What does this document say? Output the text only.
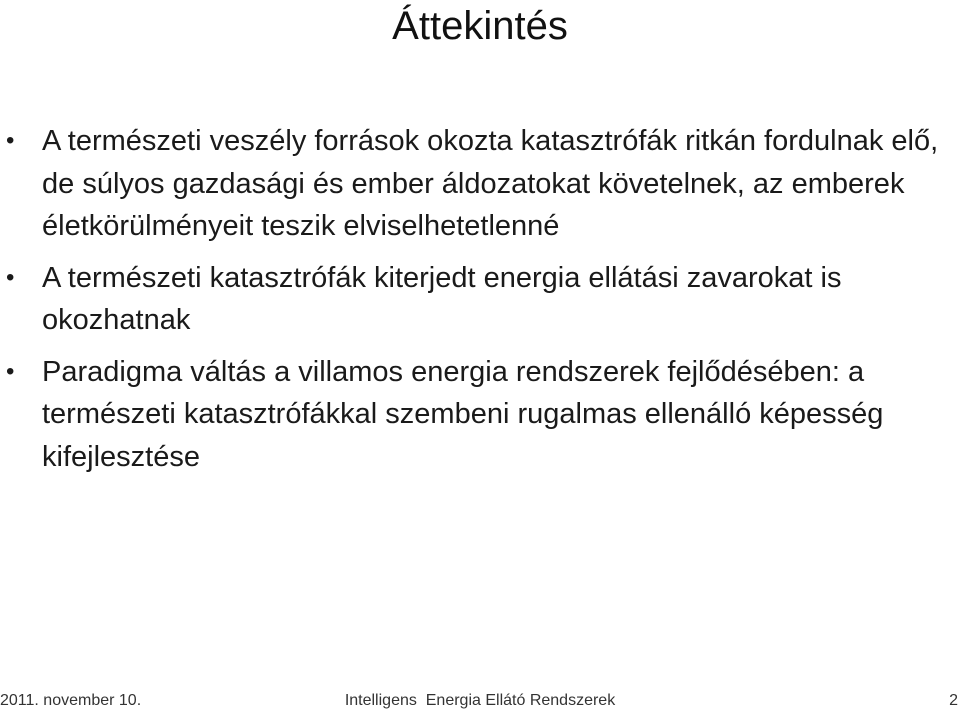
Áttekintés
• A természeti veszély források okozta katasztrófák ritkán fordulnak elő, de súlyos gazdasági és ember áldozatokat követelnek, az emberek életkörülményeit teszik elviselhetetlenné
• A természeti katasztrófák kiterjedt energia ellátási zavarokat is okozhatnak
• Paradigma váltás a villamos energia rendszerek fejlődésében: a természeti katasztrófákkal szembeni rugalmas ellenálló képesség kifejlesztése
2011. november 10.	Intelligens  Energia Ellátó Rendszerek	2
